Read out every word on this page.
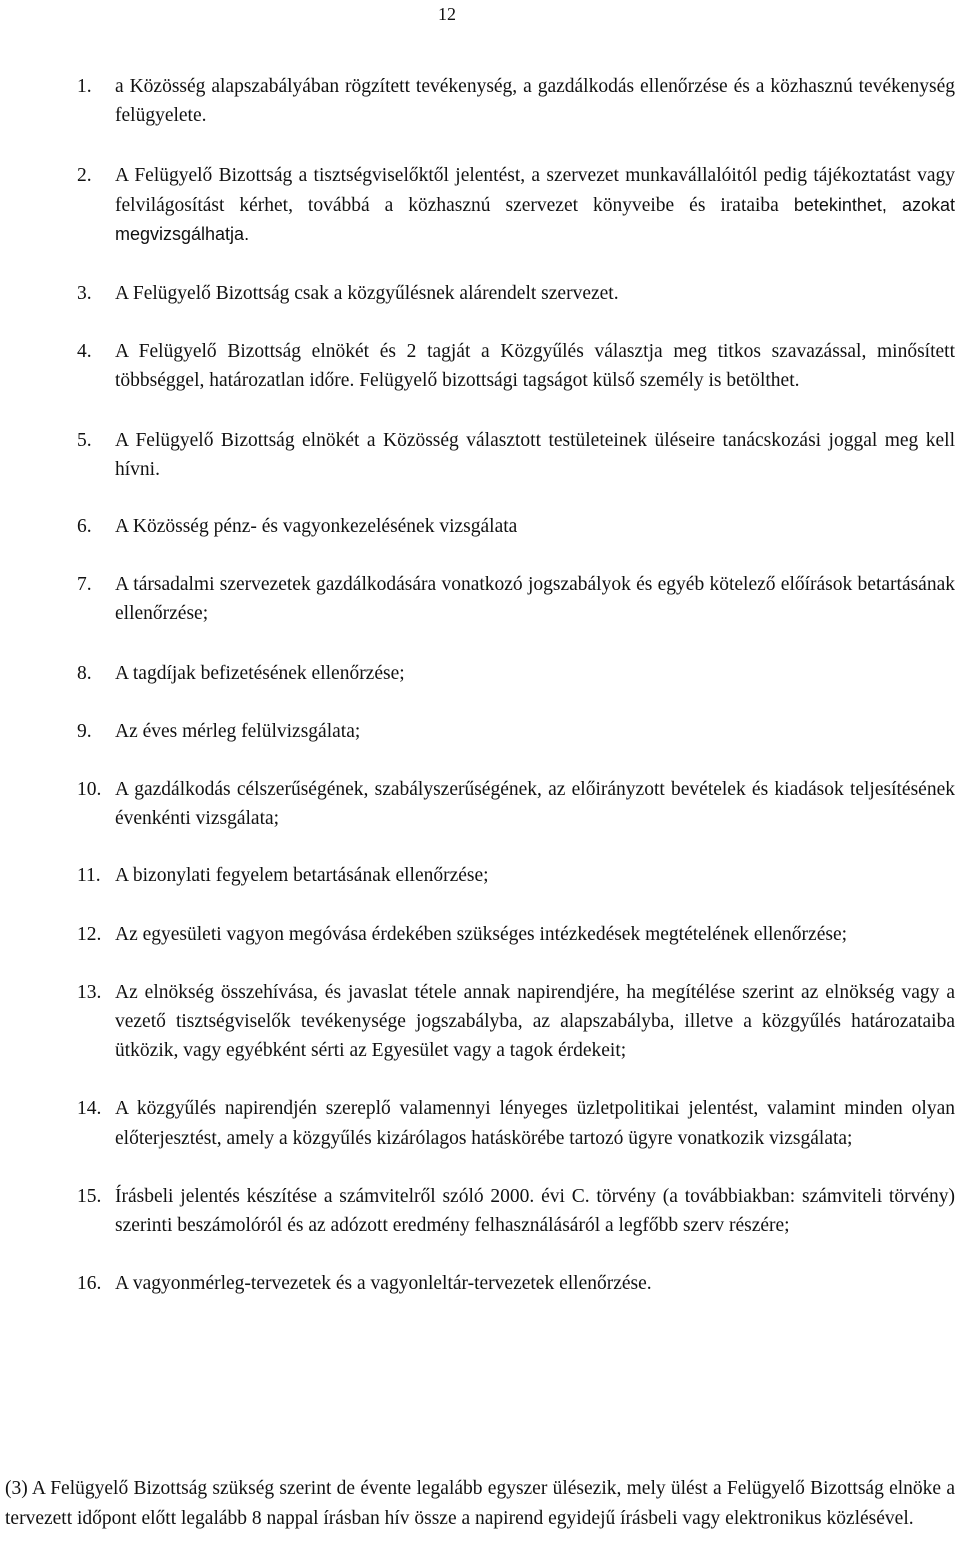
12
1.	a Közösség alapszabályában rögzített tevékenység, a gazdálkodás ellenőrzése és a közhasznú tevékenység felügyelete.
2.	A Felügyelő Bizottság a tisztségviselőktől jelentést, a szervezet munkavállalóitól pedig tájékoztatást vagy felvilágosítást kérhet, továbbá a közhasznú szervezet könyveibe és irataiba betekinthet, azokat megvizsgálhatja.
3.	A Felügyelő Bizottság csak a közgyűlésnek alárendelt szervezet.
4.	A Felügyelő Bizottság elnökét és 2 tagját a Közgyűlés választja meg titkos szavazással, minősített többséggel, határozatlan időre. Felügyelő bizottsági tagságot külső személy is betölthet.
5.	A Felügyelő Bizottság elnökét a Közösség választott testületeinek üléseire tanácskozási joggal meg kell hívni.
6.	A Közösség pénz- és vagyonkezelésének vizsgálata
7.	A társadalmi szervezetek gazdálkodására vonatkozó jogszabályok és egyéb kötelező előírások betartásának ellenőrzése;
8.	A tagdíjak befizetésének ellenőrzése;
9.	Az éves mérleg felülvizsgálata;
10. A gazdálkodás célszerűségének, szabályszerűségének, az előirányzott bevételek és kiadások teljesítésének évenkénti vizsgálata;
11. A bizonylati fegyelem betartásának ellenőrzése;
12. Az egyesületi vagyon megóvása érdekében szükséges intézkedések megtételének ellenőrzése;
13. Az elnökség összehívása, és javaslat tétele annak napirendjére, ha megítélése szerint az elnökség vagy a vezető tisztségviselők tevékenysége jogszabályba, az alapszabályba, illetve a közgyűlés határozataiba ütközik, vagy egyébként sérti az Egyesület vagy a tagok érdekeit;
14. A közgyűlés napirendjén szereplő valamennyi lényeges üzletpolitikai jelentést, valamint minden olyan előterjesztést, amely a közgyűlés kizárólagos hatáskörébe tartozó ügyre vonatkozik vizsgálata;
15. Írásbeli jelentés készítése a számvitelről szóló 2000. évi C. törvény (a továbbiakban: számviteli törvény) szerinti beszámolóról és az adózott eredmény felhasználásáról a legfőbb szerv részére;
16. A vagyonmérleg-tervezetek és a vagyonleltár-tervezetek ellenőrzése.

(3) A Felügyelő Bizottság szükség szerint de évente legalább egyszer ülésezik, mely ülést a Felügyelő Bizottság elnöke a tervezett időpont előtt legalább 8 nappal írásban hív össze a napirend egyidejű írásbeli vagy elektronikus közlésével.
